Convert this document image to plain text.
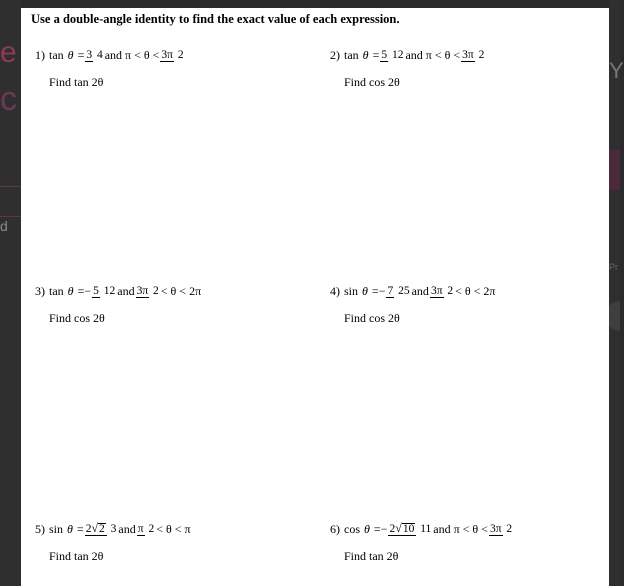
e
c
d
Y
Pr
Use a double-angle identity to find the exact value of each expression.
1) tan θ = 3 4 and π < θ < 3π 2
Find tan 2θ
2) tan θ = 5 12 and π < θ < 3π 2
Find cos 2θ
3) tan θ = − 5 12 and 3π 2 < θ < 2π
Find cos 2θ
4) sin θ = − 7 25 and 3π 2 < θ < 2π
Find cos 2θ
5) sin θ = 2√2 3 and π 2 < θ < π
Find tan 2θ
6) cos θ = − 2√10 11 and π < θ < 3π 2
Find tan 2θ
